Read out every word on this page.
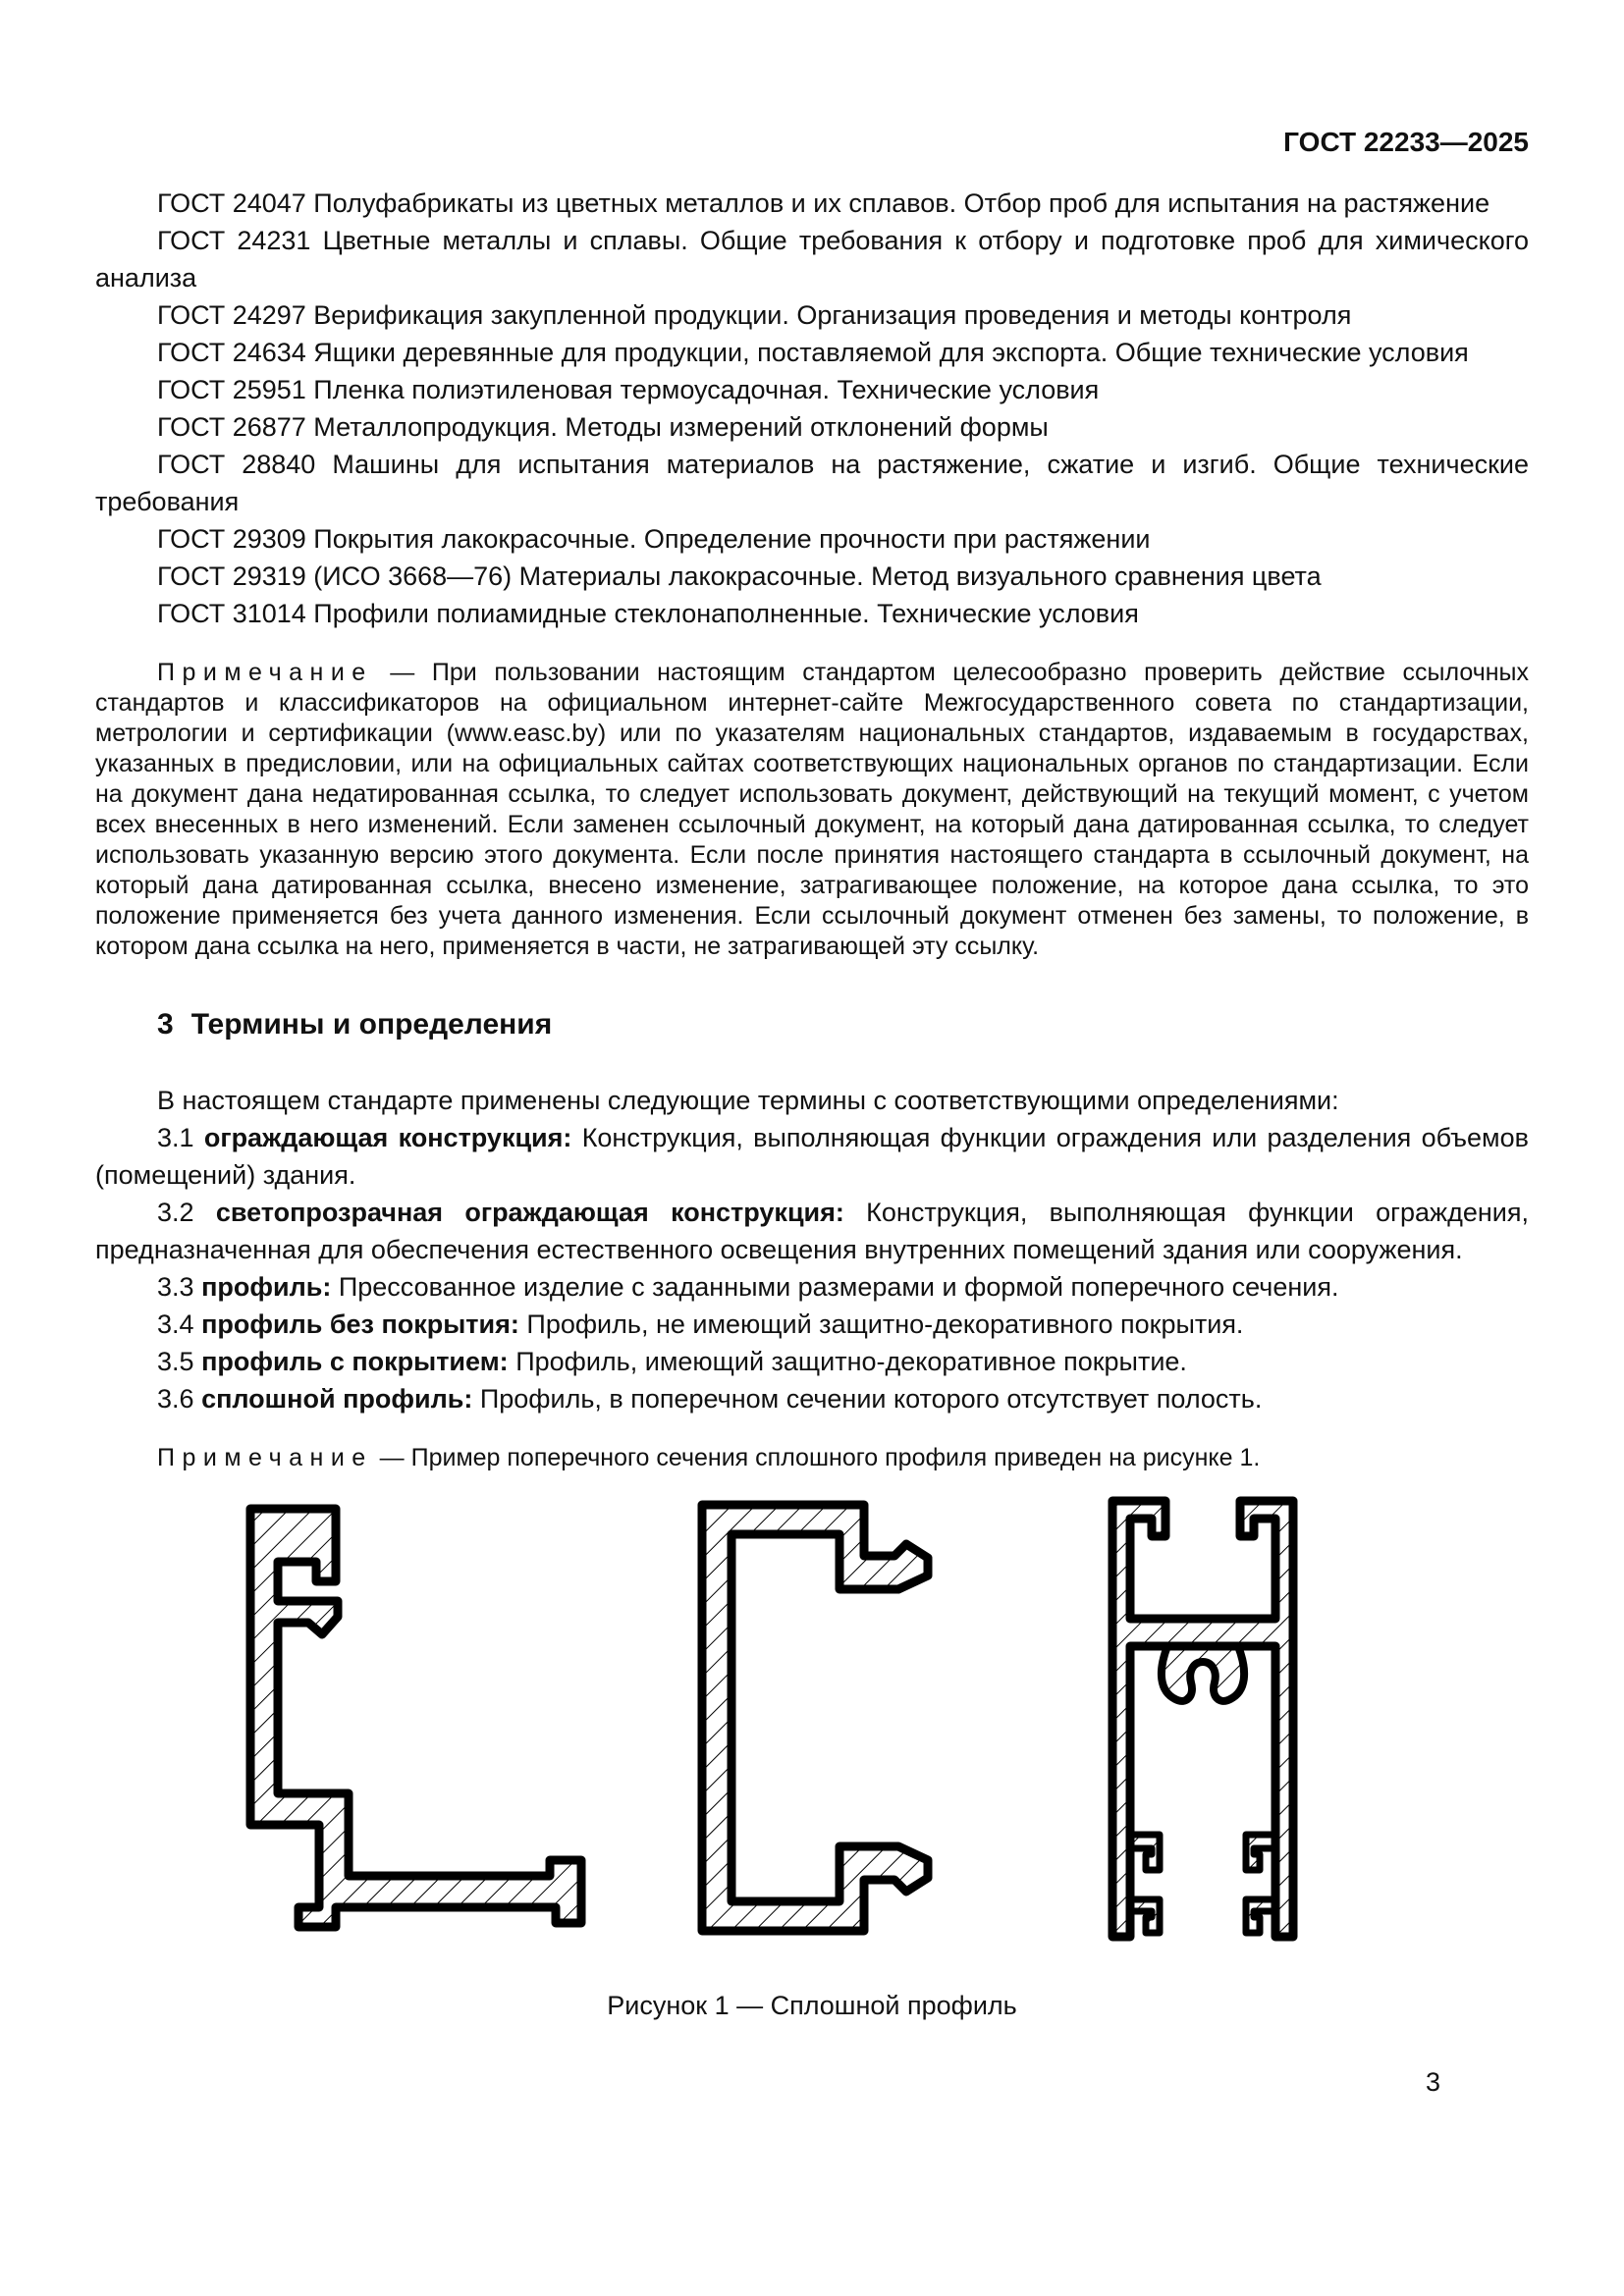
ГОСТ 22233—2025

ГОСТ 24047 Полуфабрикаты из цветных металлов и их сплавов. Отбор проб для испытания на растяжение

ГОСТ 24231 Цветные металлы и сплавы. Общие требования к отбору и подготовке проб для химического анализа

ГОСТ 24297 Верификация закупленной продукции. Организация проведения и методы контроля

ГОСТ 24634 Ящики деревянные для продукции, поставляемой для экспорта. Общие технические условия

ГОСТ 25951 Пленка полиэтиленовая термоусадочная. Технические условия

ГОСТ 26877 Металлопродукция. Методы измерений отклонений формы

ГОСТ 28840 Машины для испытания материалов на растяжение, сжатие и изгиб. Общие технические требования

ГОСТ 29309 Покрытия лакокрасочные. Определение прочности при растяжении

ГОСТ 29319 (ИСО 3668—76) Материалы лакокрасочные. Метод визуального сравнения цвета

ГОСТ 31014 Профили полиамидные стеклонаполненные. Технические условия

Примечание — При пользовании настоящим стандартом целесообразно проверить действие ссылочных стандартов и классификаторов на официальном интернет-сайте Межгосударственного совета по стандартизации, метрологии и сертификации (www.easc.by) или по указателям национальных стандартов, издаваемым в государствах, указанных в предисловии, или на официальных сайтах соответствующих национальных органов по стандартизации. Если на документ дана недатированная ссылка, то следует использовать документ, действующий на текущий момент, с учетом всех внесенных в него изменений. Если заменен ссылочный документ, на который дана датированная ссылка, то следует использовать указанную версию этого документа. Если после принятия настоящего стандарта в ссылочный документ, на который дана датированная ссылка, внесено изменение, затрагивающее положение, на которое дана ссылка, то это положение применяется без учета данного изменения. Если ссылочный документ отменен без замены, то положение, в котором дана ссылка на него, применяется в части, не затрагивающей эту ссылку.

3 Термины и определения

В настоящем стандарте применены следующие термины с соответствующими определениями:

3.1 ограждающая конструкция: Конструкция, выполняющая функции ограждения или разделения объемов (помещений) здания.

3.2 светопрозрачная ограждающая конструкция: Конструкция, выполняющая функции ограждения, предназначенная для обеспечения естественного освещения внутренних помещений здания или сооружения.

3.3 профиль: Прессованное изделие с заданными размерами и формой поперечного сечения.

3.4 профиль без покрытия: Профиль, не имеющий защитно-декоративного покрытия.

3.5 профиль с покрытием: Профиль, имеющий защитно-декоративное покрытие.

3.6 сплошной профиль: Профиль, в поперечном сечении которого отсутствует полость.

Примечание — Пример поперечного сечения сплошного профиля приведен на рисунке 1.

Рисунок 1 — Сплошной профиль

3
